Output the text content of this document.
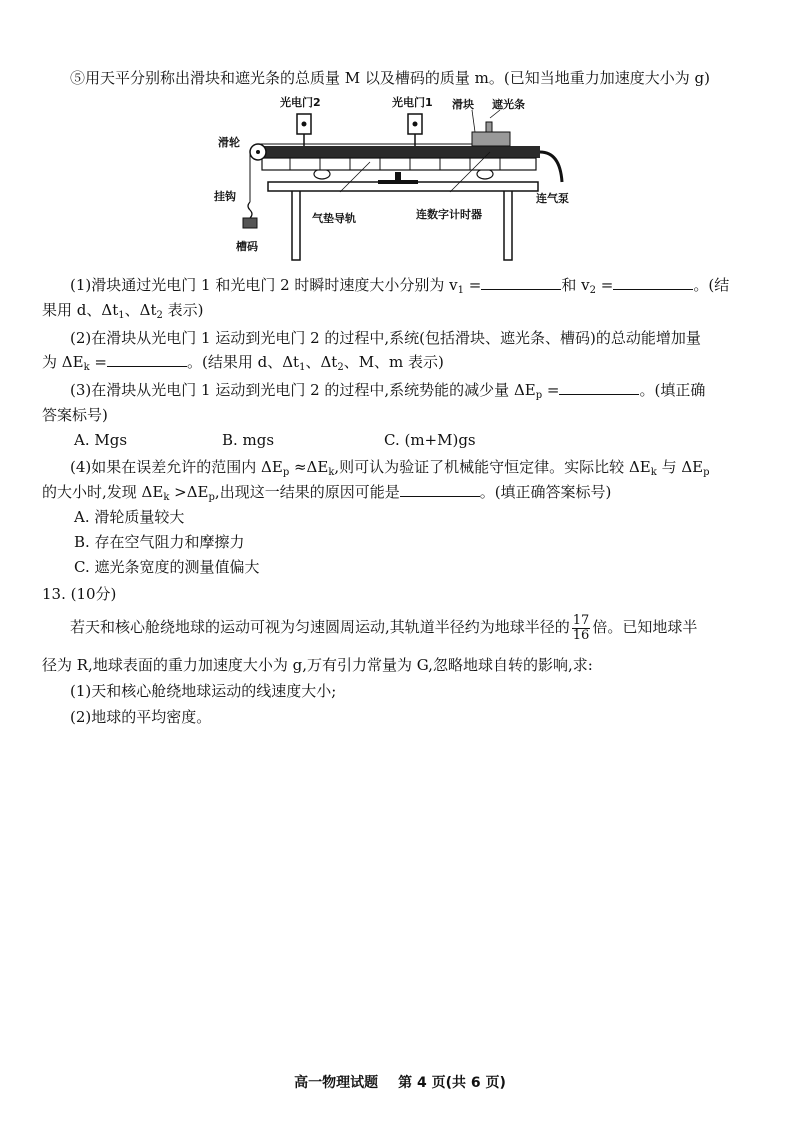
⑤用天平分别称出滑块和遮光条的总质量 M 以及槽码的质量 m。(已知当地重力加速度大小为 g)
光电门2	光电门1 滑块 遮光条
滑轮
挂钩
槽码
气垫导轨	连数字计时器
连气泵
(1)滑块通过光电门 1 和光电门 2 时瞬时速度大小分别为 $v_1$ =	和 $v_2$ =	。(结
果用 d、$\Delta t_1$、$\Delta t_2$ 表示)
(2)在滑块从光电门 1 运动到光电门 2 的过程中,系统(包括滑块、遮光条、槽码)的总动能增加量
为 $\Delta E_k$ =	。(结果用 d、$\Delta t_1$、$\Delta t_2$、M、m 表示)
(3)在滑块从光电门 1 运动到光电门 2 的过程中,系统势能的减少量 $\Delta E_p$ =	。(填正确
答案标号)
A. Mgs	B. mgs	C. (m+M)gs
(4)如果在误差允许的范围内 $\Delta E_p \approx\Delta E_k$,则可认为验证了机械能守恒定律。实际比较 $\Delta E_k$ 与 $\Delta E_p$
的大小时,发现 $\Delta E_k >\Delta E_p$,出现这一结果的原因可能是	。(填正确答案标号)
A. 滑轮质量较大
B. 存在空气阻力和摩擦力
C. 遮光条宽度的测量值偏大
13. (10分)
若天和核心舱绕地球的运动可视为匀速圆周运动,其轨道半径约为地球半径的 $\frac{17}{16}$ 倍。已知地球半
径为 R,地球表面的重力加速度大小为 g,万有引力常量为 G,忽略地球自转的影响,求:
(1)天和核心舱绕地球运动的线速度大小;
(2)地球的平均密度。
高一物理试题 第 4 页(共 6 页)
